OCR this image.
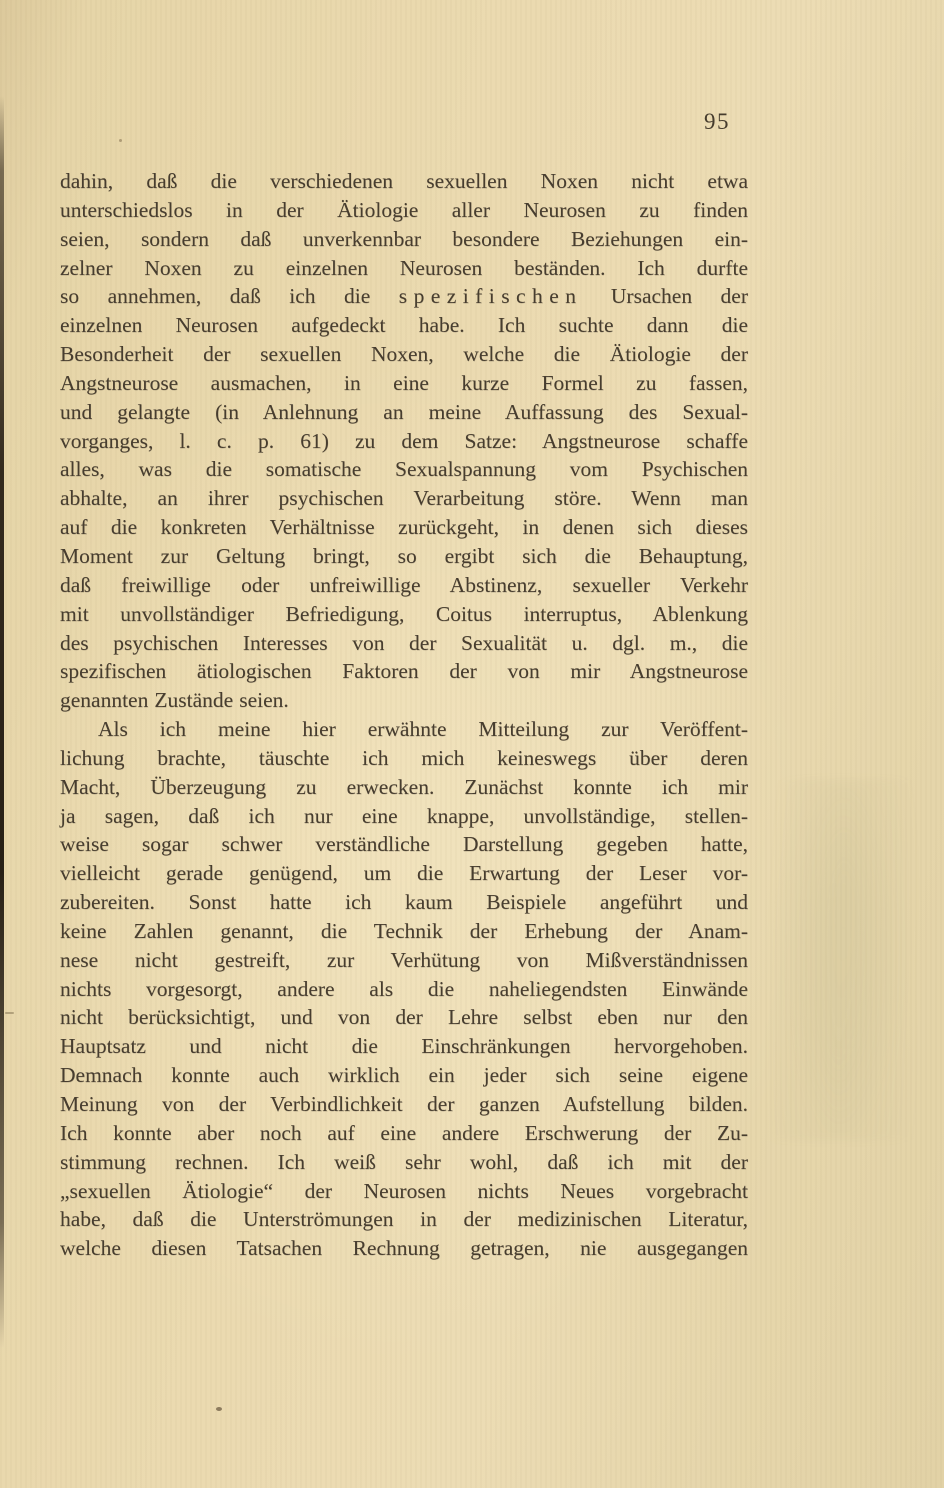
95
dahin, daß die verschiedenen sexuellen Noxen nicht etwa
unterschiedslos in der Ätiologie aller Neurosen zu finden
seien, sondern daß unverkennbar besondere Beziehungen ein-
zelner Noxen zu einzelnen Neurosen beständen. Ich durfte
so annehmen, daß ich die spezifischen Ursachen der
einzelnen Neurosen aufgedeckt habe. Ich suchte dann die
Besonderheit der sexuellen Noxen, welche die Ätiologie der
Angstneurose ausmachen, in eine kurze Formel zu fassen,
und gelangte (in Anlehnung an meine Auffassung des Sexual-
vorganges, l. c. p. 61) zu dem Satze: Angstneurose schaffe
alles, was die somatische Sexualspannung vom Psychischen
abhalte, an ihrer psychischen Verarbeitung störe. Wenn man
auf die konkreten Verhältnisse zurückgeht, in denen sich dieses
Moment zur Geltung bringt, so ergibt sich die Behauptung,
daß freiwillige oder unfreiwillige Abstinenz, sexueller Verkehr
mit unvollständiger Befriedigung, Coitus interruptus, Ablenkung
des psychischen Interesses von der Sexualität u. dgl. m., die
spezifischen ätiologischen Faktoren der von mir Angstneurose
genannten Zustände seien.
Als ich meine hier erwähnte Mitteilung zur Veröffent-
lichung brachte, täuschte ich mich keineswegs über deren
Macht, Überzeugung zu erwecken. Zunächst konnte ich mir
ja sagen, daß ich nur eine knappe, unvollständige, stellen-
weise sogar schwer verständliche Darstellung gegeben hatte,
vielleicht gerade genügend, um die Erwartung der Leser vor-
zubereiten. Sonst hatte ich kaum Beispiele angeführt und
keine Zahlen genannt, die Technik der Erhebung der Anam-
nese nicht gestreift, zur Verhütung von Mißverständnissen
nichts vorgesorgt, andere als die naheliegendsten Einwände
nicht berücksichtigt, und von der Lehre selbst eben nur den
Hauptsatz und nicht die Einschränkungen hervorgehoben.
Demnach konnte auch wirklich ein jeder sich seine eigene
Meinung von der Verbindlichkeit der ganzen Aufstellung bilden.
Ich konnte aber noch auf eine andere Erschwerung der Zu-
stimmung rechnen. Ich weiß sehr wohl, daß ich mit der
„sexuellen Ätiologie“ der Neurosen nichts Neues vorgebracht
habe, daß die Unterströmungen in der medizinischen Literatur,
welche diesen Tatsachen Rechnung getragen, nie ausgegangen
